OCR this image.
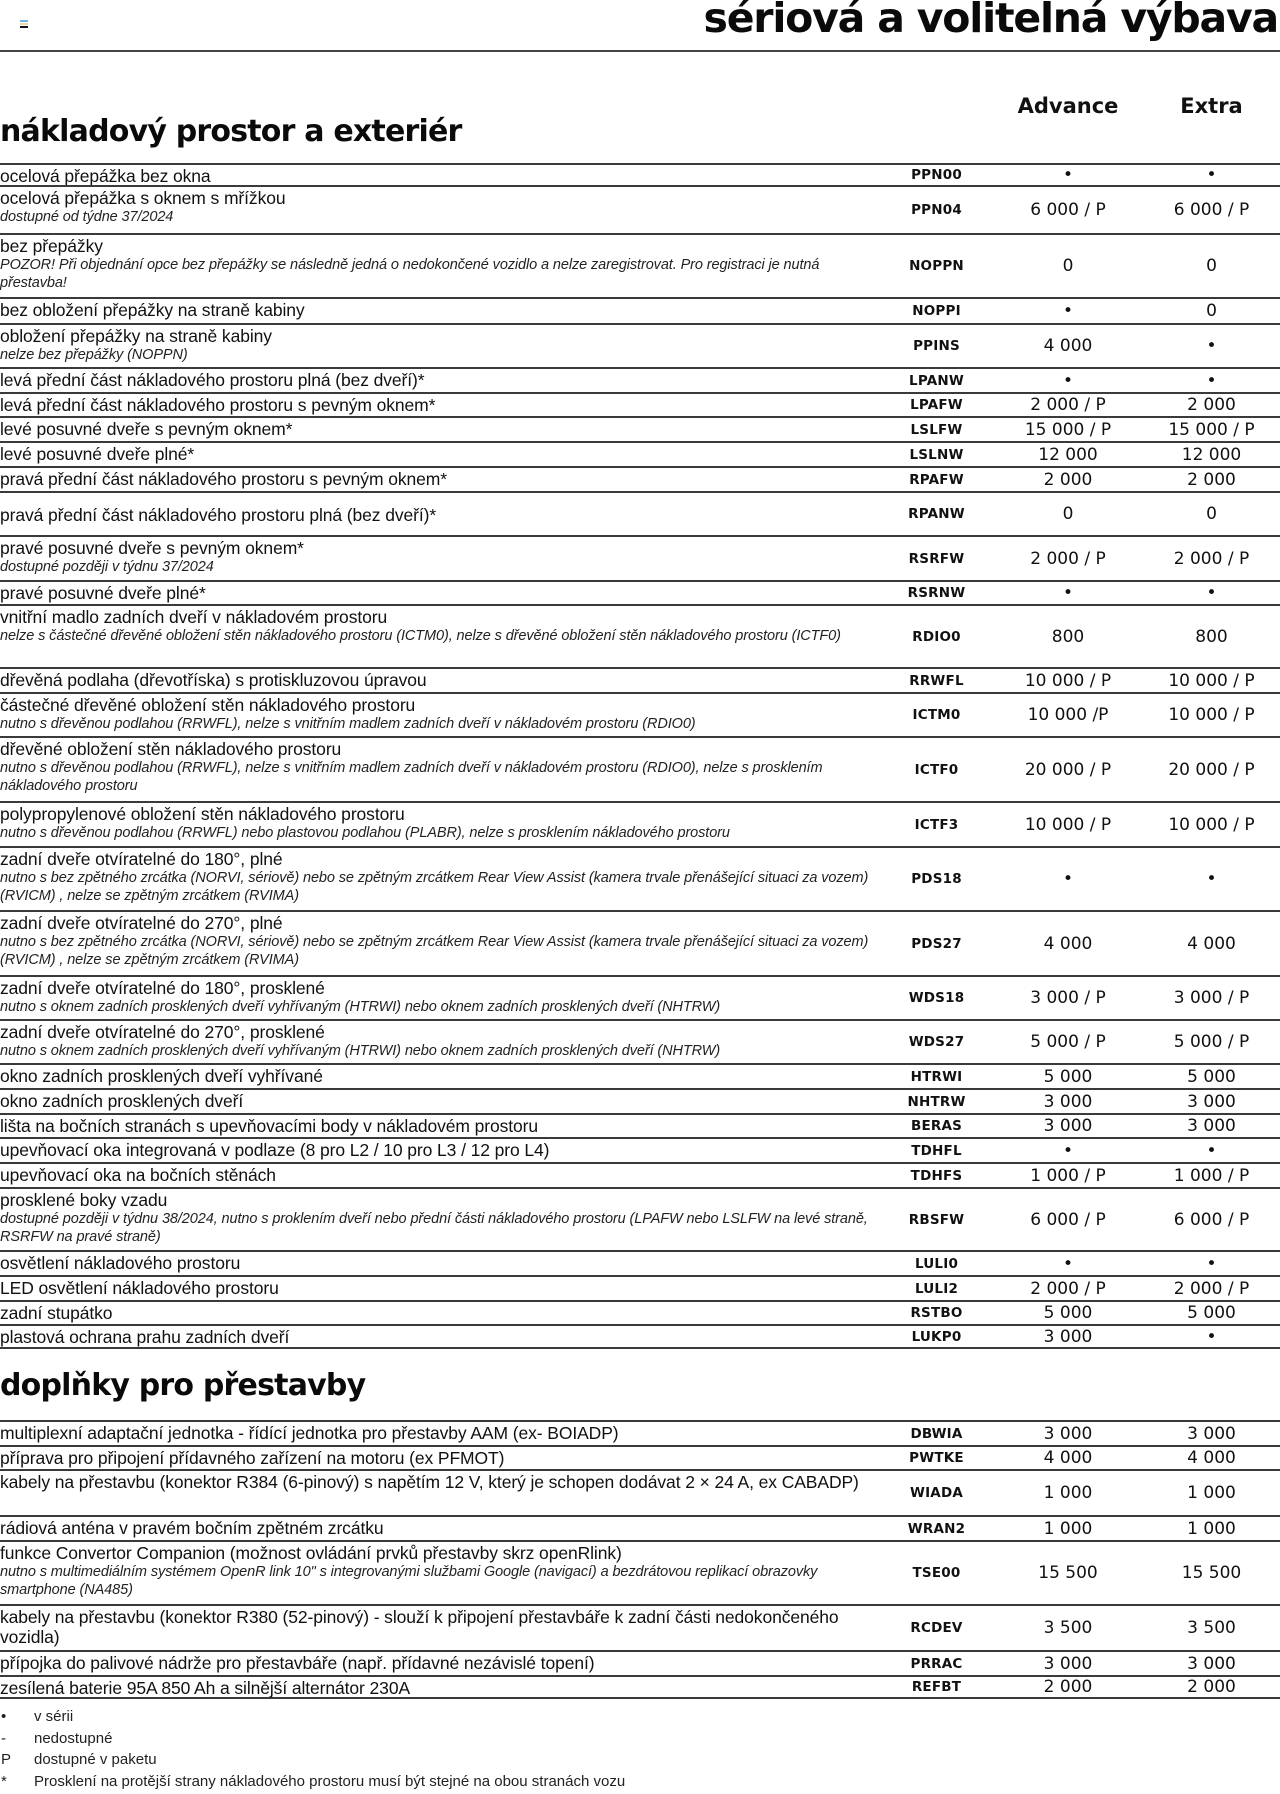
sériová a volitelná výbava
Advance	Extra
nákladový prostor a exteriér
ocelová přepážka bez okna	PPN00	•	•
ocelová přepážka s oknem s mřížkou
dostupné od týdne 37/2024	PPN04	6 000 / P	6 000 / P
bez přepážky
POZOR! Při objednání opce bez přepážky se následně jedná o nedokončené vozidlo a nelze zaregistrovat. Pro registraci je nutná přestavba!
NOPPN	0	0
bez obložení přepážky na straně kabiny	NOPPI	•	0
obložení přepážky na straně kabiny
nelze bez přepážky (NOPPN)
PPINS	4 000	•
levá přední část nákladového prostoru plná (bez dveří)*	LPANW	•	•
levá přední část nákladového prostoru s pevným oknem*	LPAFW	2 000 / P	2 000
levé posuvné dveře s pevným oknem*	LSLFW	15 000 / P	15 000 / P
levé posuvné dveře plné*	LSLNW	12 000	12 000
pravá přední část nákladového prostoru s pevným oknem*	RPAFW	2 000	2 000
pravá přední část nákladového prostoru plná (bez dveří)*	RPANW	0	0
pravé posuvné dveře s pevným oknem*
dostupné později v týdnu 37/2024
RSRFW	2 000 / P	2 000 / P
pravé posuvné dveře plné*	RSRNW	•	•
vnitřní madlo zadních dveří v nákladovém prostoru
nelze s částečné dřevěné obložení stěn nákladového prostoru (ICTM0), nelze s dřevěné obložení stěn nákladového prostoru (ICTF0)	RDIO0	800	800
dřevěná podlaha (dřevotříska) s protiskluzovou úpravou	RRWFL	10 000 / P	10 000 / P
částečné dřevěné obložení stěn nákladového prostoru
nutno s dřevěnou podlahou (RRWFL), nelze s vnitřním madlem zadních dveří v nákladovém prostoru (RDIO0)
ICTM0	10 000 /P	10 000 / P
dřevěné obložení stěn nákladového prostoru
nutno s dřevěnou podlahou (RRWFL), nelze s vnitřním madlem zadních dveří v nákladovém prostoru (RDIO0), nelze s prosklením nákladového prostoru
ICTF0	20 000 / P	20 000 / P
polypropylenové obložení stěn nákladového prostoru
nutno s dřevěnou podlahou (RRWFL) nebo plastovou podlahou (PLABR), nelze s prosklením nákladového prostoru
ICTF3	10 000 / P	10 000 / P
zadní dveře otvíratelné do 180°, plné
nutno s bez zpětného zrcátka (NORVI, sériově) nebo se zpětným zrcátkem Rear View Assist (kamera trvale přenášející situaci za vozem) (RVICM) , nelze se zpětným zrcátkem (RVIMA)
PDS18	•	•
zadní dveře otvíratelné do 270°, plné
nutno s bez zpětného zrcátka (NORVI, sériově) nebo se zpětným zrcátkem Rear View Assist (kamera trvale přenášející situaci za vozem) (RVICM) , nelze se zpětným zrcátkem (RVIMA)
PDS27	4 000	4 000
zadní dveře otvíratelné do 180°, prosklené
nutno s oknem zadních prosklených dveří vyhřívaným (HTRWI) nebo oknem zadních prosklených dveří (NHTRW)
WDS18	3 000 / P	3 000 / P
zadní dveře otvíratelné do 270°, prosklené
nutno s oknem zadních prosklených dveří vyhřívaným (HTRWI) nebo oknem zadních prosklených dveří (NHTRW)
WDS27	5 000 / P	5 000 / P
okno zadních prosklených dveří vyhřívané	HTRWI	5 000	5 000
okno zadních prosklených dveří	NHTRW	3 000	3 000
lišta na bočních stranách s upevňovacími body v nákladovém prostoru	BERAS	3 000	3 000
upevňovací oka integrovaná v podlaze (8 pro L2 / 10 pro L3 / 12 pro L4)	TDHFL	•	•
upevňovací oka na bočních stěnách	TDHFS	1 000 / P	1 000 / P
prosklené boky vzadu
dostupné později v týdnu 38/2024, nutno s proklením dveří nebo přední části nákladového prostoru (LPAFW nebo LSLFW na levé straně, RSRFW na pravé straně)
RBSFW	6 000 / P	6 000 / P
osvětlení nákladového prostoru	LULI0	•	•
LED osvětlení nákladového prostoru	LULI2	2 000 / P	2 000 / P
zadní stupátko	RSTBO	5 000	5 000
plastová ochrana prahu zadních dveří	LUKP0	3 000	•
doplňky pro přestavby
multiplexní adaptační jednotka - řídící jednotka pro přestavby AAM (ex- BOIADP)	DBWIA	3 000	3 000
příprava pro připojení přídavného zařízení na motoru (ex PFMOT)	PWTKE	4 000	4 000
kabely na přestavbu (konektor R384 (6-pinový) s napětím 12 V, který je schopen dodávat 2 × 24 A, ex CABADP)
WIADA	1 000	1 000
rádiová anténa v pravém bočním zpětném zrcátku	WRAN2	1 000	1 000
funkce Convertor Companion (možnost ovládání prvků přestavby skrz openRlink)
nutno s multimediálním systémem OpenR link 10" s integrovanými službami Google (navigací) a bezdrátovou replikací obrazovky smartphone (NA485)
TSE00	15 500	15 500
kabely na přestavbu (konektor R380 (52-pinový) - slouží k připojení přestavbáře k zadní části nedokončeného vozidla)	RCDEV	3 500	3 500
přípojka do palivové nádrže pro přestavbáře (např. přídavné nezávislé topení)	PRRAC	3 000	3 000
zesílená baterie 95A 850 Ah a silnější alternátor 230A	REFBT	2 000	2 000
•	v sérii
-	nedostupné
P	dostupné v paketu
*	Prosklení na protější strany nákladového prostoru musí být stejné na obou stranách vozu
